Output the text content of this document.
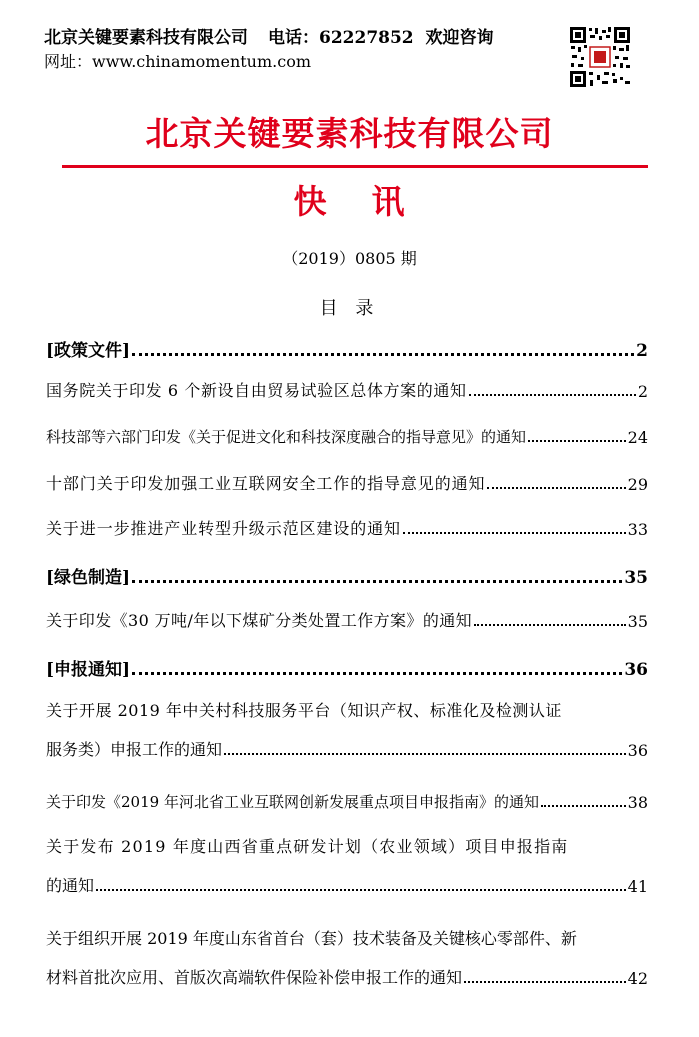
北京关键要素科技有限公司 电话：62227852 欢迎咨询
网址：www.chinamomentum.com
北京关键要素科技有限公司
快 讯
（2019）0805 期
目 录
[政策文件]	2
国务院关于印发 6 个新设自由贸易试验区总体方案的通知	2
科技部等六部门印发《关于促进文化和科技深度融合的指导意见》的通知	24
十部门关于印发加强工业互联网安全工作的指导意见的通知	29
关于进一步推进产业转型升级示范区建设的通知	33
[绿色制造]	35
关于印发《30 万吨/年以下煤矿分类处置工作方案》的通知	35
[申报通知]	36
关于开展 2019 年中关村科技服务平台（知识产权、标准化及检测认证
服务类）申报工作的通知	36
关于印发《2019 年河北省工业互联网创新发展重点项目申报指南》的通知	38
关于发布 2019 年度山西省重点研发计划（农业领域）项目申报指南
的通知	41
关于组织开展 2019 年度山东省首台（套）技术装备及关键核心零部件、新
材料首批次应用、首版次高端软件保险补偿申报工作的通知	42
